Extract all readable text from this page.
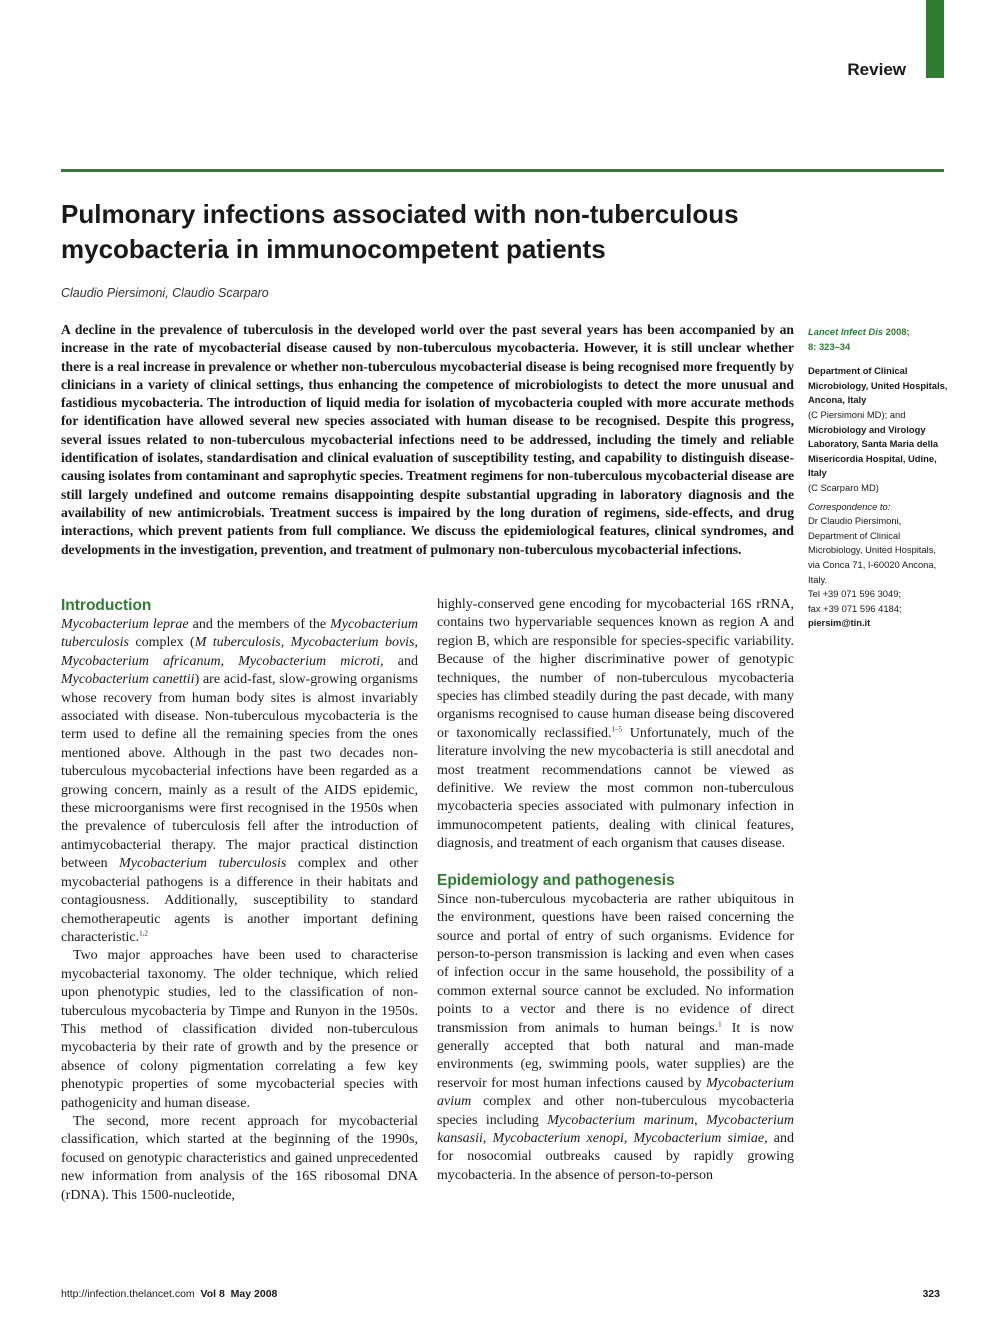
Review
Pulmonary infections associated with non-tuberculous mycobacteria in immunocompetent patients
Claudio Piersimoni, Claudio Scarparo

A decline in the prevalence of tuberculosis in the developed world over the past several years has been accompanied by an increase in the rate of mycobacterial disease caused by non-tuberculous mycobacteria. However, it is still unclear whether there is a real increase in prevalence or whether non-tuberculous mycobacterial disease is being recognised more frequently by clinicians in a variety of clinical settings, thus enhancing the competence of microbiologists to detect the more unusual and fastidious mycobacteria. The introduction of liquid media for isolation of mycobacteria coupled with more accurate methods for identification have allowed several new species associated with human disease to be recognised. Despite this progress, several issues related to non-tuberculous mycobacterial infections need to be addressed, including the timely and reliable identification of isolates, standardisation and clinical evaluation of susceptibility testing, and capability to distinguish disease-causing isolates from contaminant and saprophytic species. Treatment regimens for non-tuberculous mycobacterial disease are still largely undefined and outcome remains disappointing despite substantial upgrading in laboratory diagnosis and the availability of new antimicrobials. Treatment success is impaired by the long duration of regimens, side-effects, and drug interactions, which prevent patients from full compliance. We discuss the epidemiological features, clinical syndromes, and developments in the investigation, prevention, and treatment of pulmonary non-tuberculous mycobacterial infections.

Lancet Infect Dis 2008;
8: 323–34
Department of Clinical Microbiology, United Hospitals, Ancona, Italy
(C Piersimoni MD); and
Microbiology and Virology Laboratory, Santa Maria della Misericordia Hospital, Udine, Italy
(C Scarparo MD)
Correspondence to:
Dr Claudio Piersimoni,
Department of Clinical Microbiology, United Hospitals, via Conca 71, I-60020 Ancona, Italy.
Tel +39 071 596 3049;
fax +39 071 596 4184;
piersim@tin.it
Introduction

Mycobacterium leprae and the members of the Mycobacterium tuberculosis complex (M tuberculosis, Mycobacterium bovis, Mycobacterium africanum, Mycobacterium microti, and Mycobacterium canettii) are acid-fast, slow-growing organisms whose recovery from human body sites is almost invariably associated with disease. Non-tuberculous mycobacteria is the term used to define all the remaining species from the ones mentioned above. Although in the past two decades non-tuberculous mycobacterial infections have been regarded as a growing concern, mainly as a result of the AIDS epidemic, these microorganisms were first recognised in the 1950s when the prevalence of tuberculosis fell after the introduction of antimycobacterial therapy. The major practical distinction between Mycobacterium tuberculosis complex and other mycobacterial pathogens is a difference in their habitats and contagiousness. Additionally, susceptibility to standard chemotherapeutic agents is another important defining characteristic.$^{1,2}$

Two major approaches have been used to characterise mycobacterial taxonomy. The older technique, which relied upon phenotypic studies, led to the classification of non-tuberculous mycobacteria by Timpe and Runyon in the 1950s. This method of classification divided non-tuberculous mycobacteria by their rate of growth and by the presence or absence of colony pigmentation correlating a few key phenotypic properties of some mycobacterial species with pathogenicity and human disease.

The second, more recent approach for mycobacterial classification, which started at the beginning of the 1990s, focused on genotypic characteristics and gained unprecedented new information from analysis of the 16S ribosomal DNA (rDNA). This 1500-nucleotide,

highly-conserved gene encoding for mycobacterial 16S rRNA, contains two hypervariable sequences known as region A and region B, which are responsible for species-specific variability. Because of the higher discriminative power of genotypic techniques, the number of non-tuberculous mycobacteria species has climbed steadily during the past decade, with many organisms recognised to cause human disease being discovered or taxonomically reclassified.$^{1-5}$ Unfortunately, much of the literature involving the new mycobacteria is still anecdotal and most treatment recommendations cannot be viewed as definitive. We review the most common non-tuberculous mycobacteria species associated with pulmonary infection in immunocompetent patients, dealing with clinical features, diagnosis, and treatment of each organism that causes disease.

Epidemiology and pathogenesis

Since non-tuberculous mycobacteria are rather ubiquitous in the environment, questions have been raised concerning the source and portal of entry of such organisms. Evidence for person-to-person transmission is lacking and even when cases of infection occur in the same household, the possibility of a common external source cannot be excluded. No information points to a vector and there is no evidence of direct transmission from animals to human beings.$^1$ It is now generally accepted that both natural and man-made environments (eg, swimming pools, water supplies) are the reservoir for most human infections caused by Mycobacterium avium complex and other non-tuberculous mycobacteria species including Mycobacterium marinum, Mycobacterium kansasii, Mycobacterium xenopi, Mycobacterium simiae, and for nosocomial outbreaks caused by rapidly growing mycobacteria. In the absence of person-to-person

http://infection.thelancet.com Vol 8 May 2008	323
